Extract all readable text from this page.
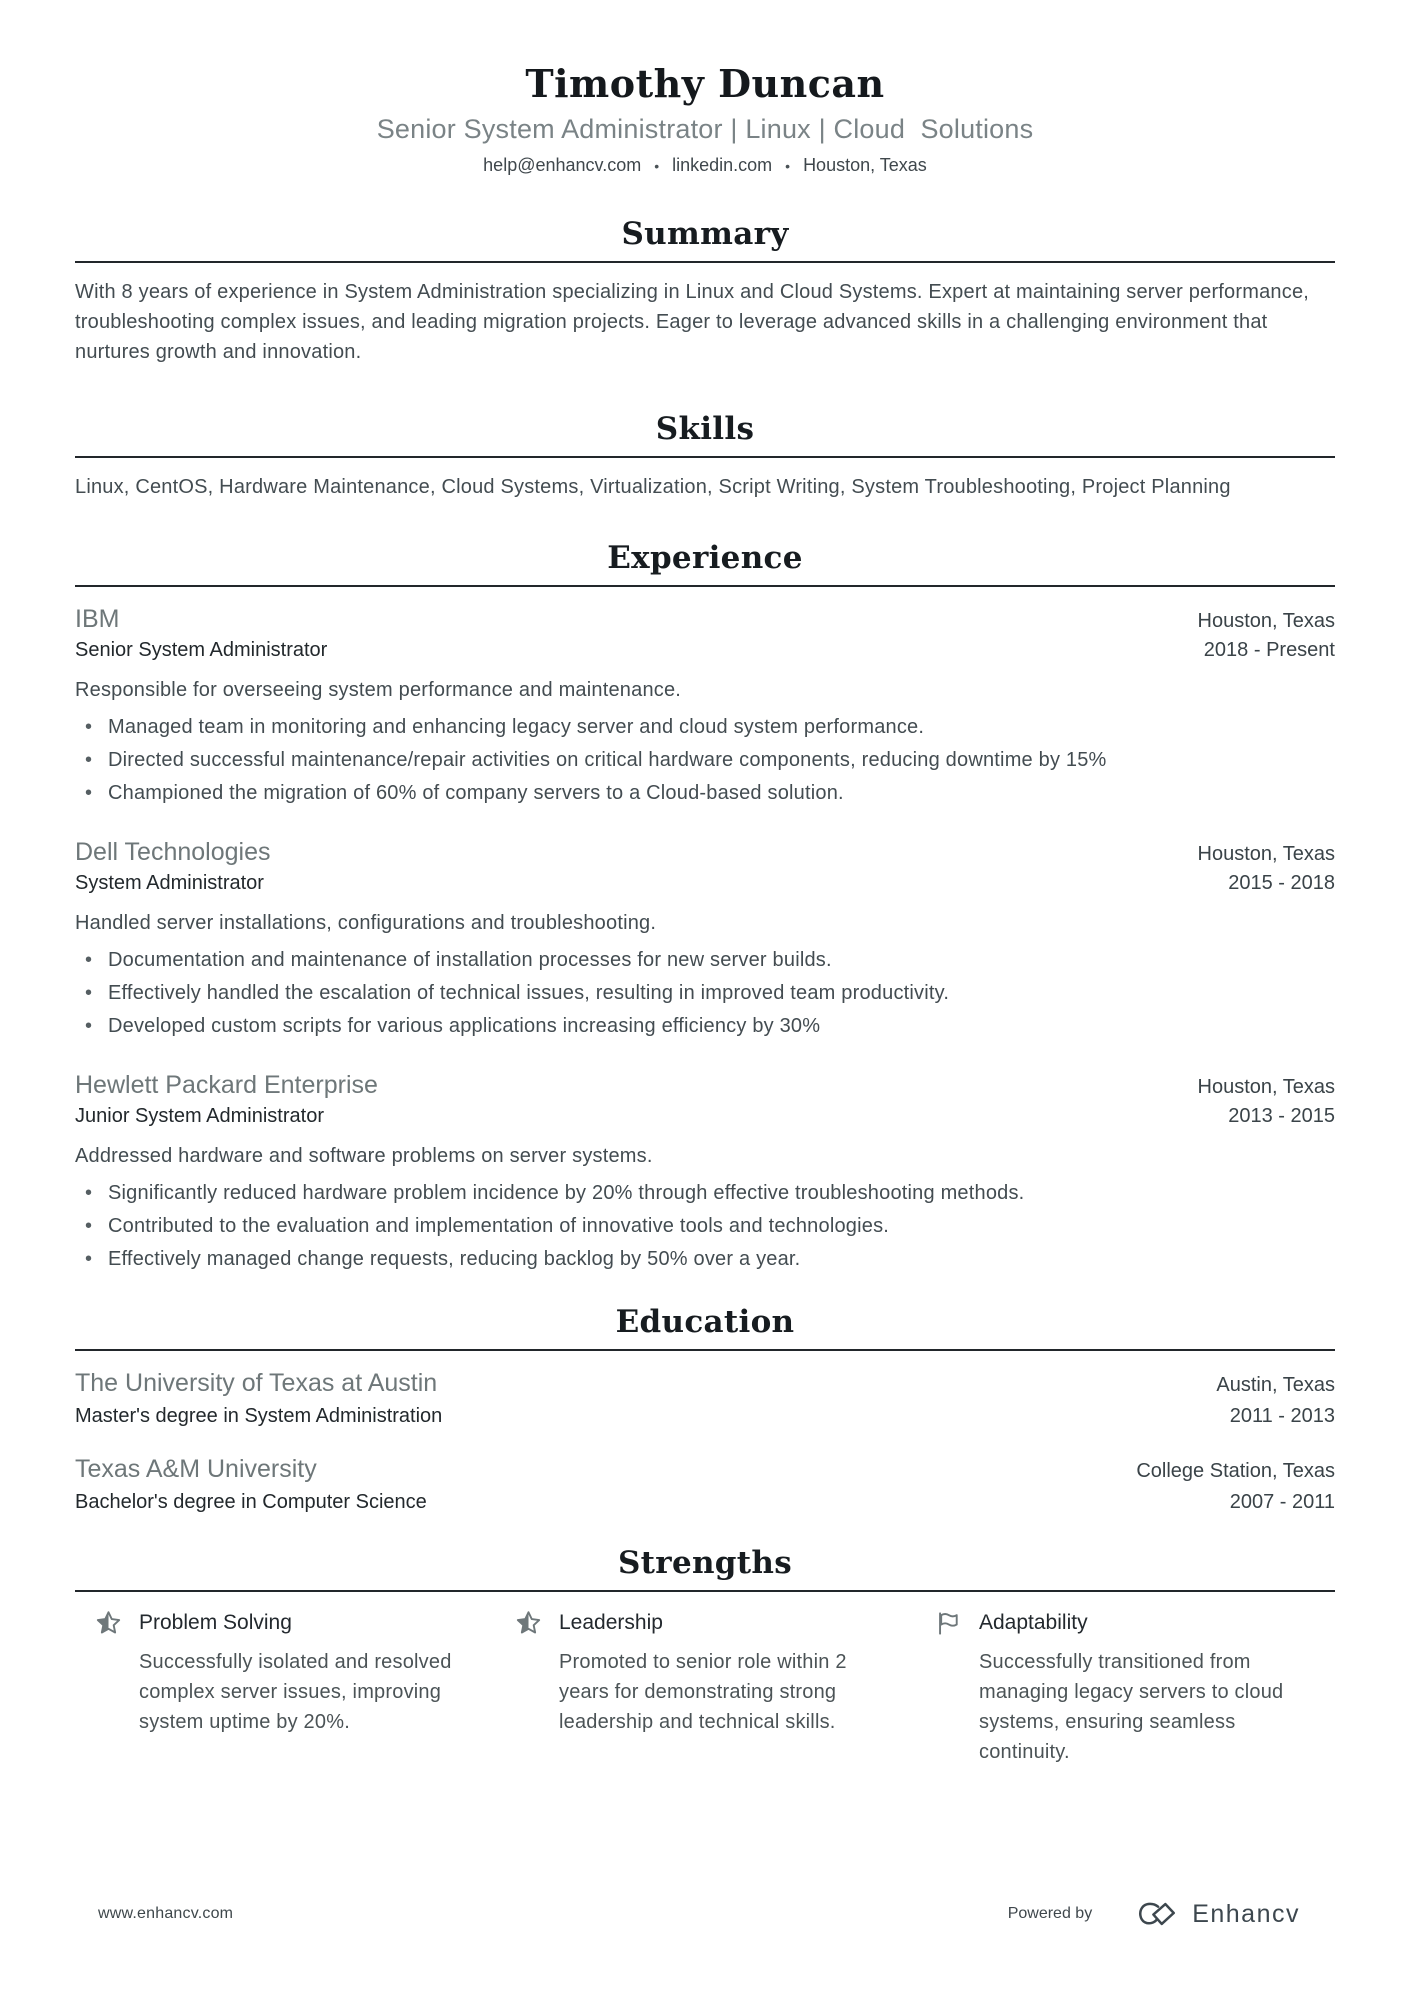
Timothy Duncan
Senior System Administrator | Linux | Cloud  Solutions
help@enhancv.com • linkedin.com • Houston, Texas
Summary

With 8 years of experience in System Administration specializing in Linux and Cloud Systems. Expert at maintaining server performance, troubleshooting complex issues, and leading migration projects. Eager to leverage advanced skills in a challenging environment that nurtures growth and innovation.

Skills

Linux, CentOS, Hardware Maintenance, Cloud Systems, Virtualization, Script Writing, System Troubleshooting, Project Planning

Experience
IBM	Houston, Texas
Senior System Administrator	2018 - Present

Responsible for overseeing system performance and maintenance.

• Managed team in monitoring and enhancing legacy server and cloud system performance.
• Directed successful maintenance/repair activities on critical hardware components, reducing downtime by 15%
• Championed the migration of 60% of company servers to a Cloud-based solution.
Dell Technologies	Houston, Texas
System Administrator	2015 - 2018

Handled server installations, configurations and troubleshooting.

• Documentation and maintenance of installation processes for new server builds.
• Effectively handled the escalation of technical issues, resulting in improved team productivity.
• Developed custom scripts for various applications increasing efficiency by 30%
Hewlett Packard Enterprise	Houston, Texas
Junior System Administrator	2013 - 2015

Addressed hardware and software problems on server systems.

• Significantly reduced hardware problem incidence by 20% through effective troubleshooting methods.
• Contributed to the evaluation and implementation of innovative tools and technologies.
• Effectively managed change requests, reducing backlog by 50% over a year.
Education
The University of Texas at Austin	Austin, Texas
Master's degree in System Administration	2011 - 2013
Texas A&M University	College Station, Texas
Bachelor's degree in Computer Science	2007 - 2011
Strengths
Problem Solving

Successfully isolated and resolved complex server issues, improving system uptime by 20%.

Leadership

Promoted to senior role within 2 years for demonstrating strong leadership and technical skills.

Adaptability

Successfully transitioned from managing legacy servers to cloud systems, ensuring seamless continuity.

www.enhancv.com	Powered by	Enhancv
